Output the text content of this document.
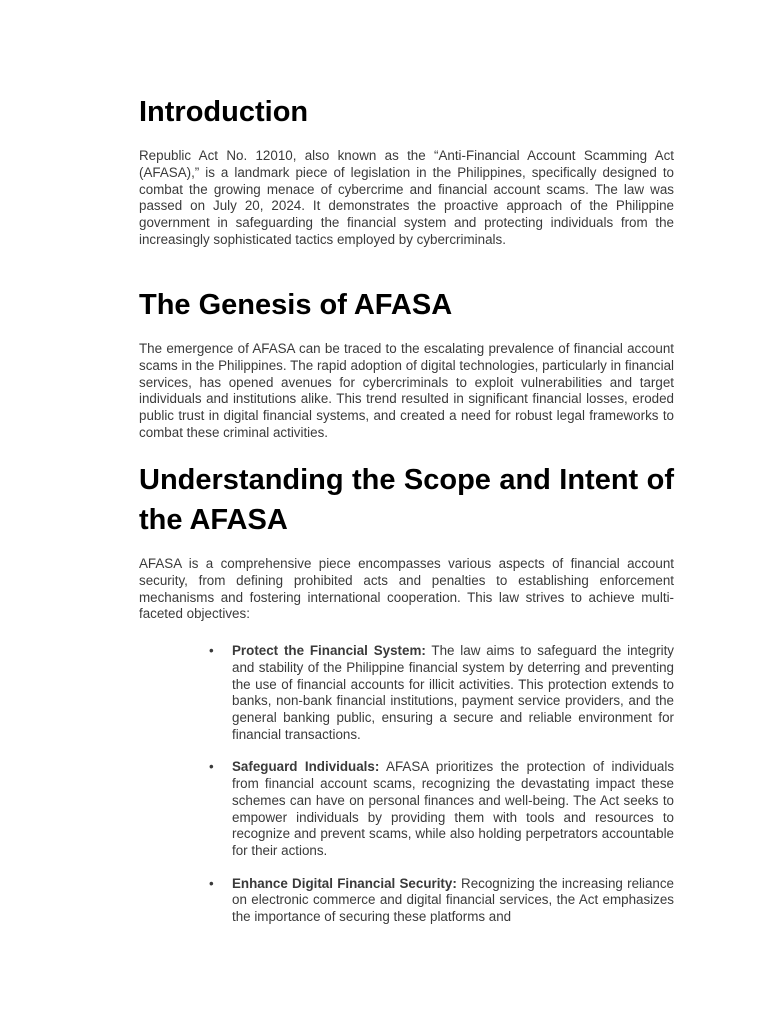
Introduction

Republic Act No. 12010, also known as the “Anti-Financial Account Scamming Act (AFASA),” is a landmark piece of legislation in the Philippines, specifically designed to combat the growing menace of cybercrime and financial account scams. The law was passed on July 20, 2024. It demonstrates the proactive approach of the Philippine government in safeguarding the financial system and protecting individuals from the increasingly sophisticated tactics employed by cybercriminals.

The Genesis of AFASA

The emergence of AFASA can be traced to the escalating prevalence of financial account scams in the Philippines. The rapid adoption of digital technologies, particularly in financial services, has opened avenues for cybercriminals to exploit vulnerabilities and target individuals and institutions alike. This trend resulted in significant financial losses, eroded public trust in digital financial systems, and created a need for robust legal frameworks to combat these criminal activities.

Understanding the Scope and Intent of the AFASA

AFASA is a comprehensive piece encompasses various aspects of financial account security, from defining prohibited acts and penalties to establishing enforcement mechanisms and fostering international cooperation. This law strives to achieve multi-faceted objectives:

• Protect the Financial System: The law aims to safeguard the integrity and stability of the Philippine financial system by deterring and preventing the use of financial accounts for illicit activities. This protection extends to banks, non-bank financial institutions, payment service providers, and the general banking public, ensuring a secure and reliable environment for financial transactions.
• Safeguard Individuals: AFASA prioritizes the protection of individuals from financial account scams, recognizing the devastating impact these schemes can have on personal finances and well-being. The Act seeks to empower individuals by providing them with tools and resources to recognize and prevent scams, while also holding perpetrators accountable for their actions.
• Enhance Digital Financial Security: Recognizing the increasing reliance on electronic commerce and digital financial services, the Act emphasizes the importance of securing these platforms and
